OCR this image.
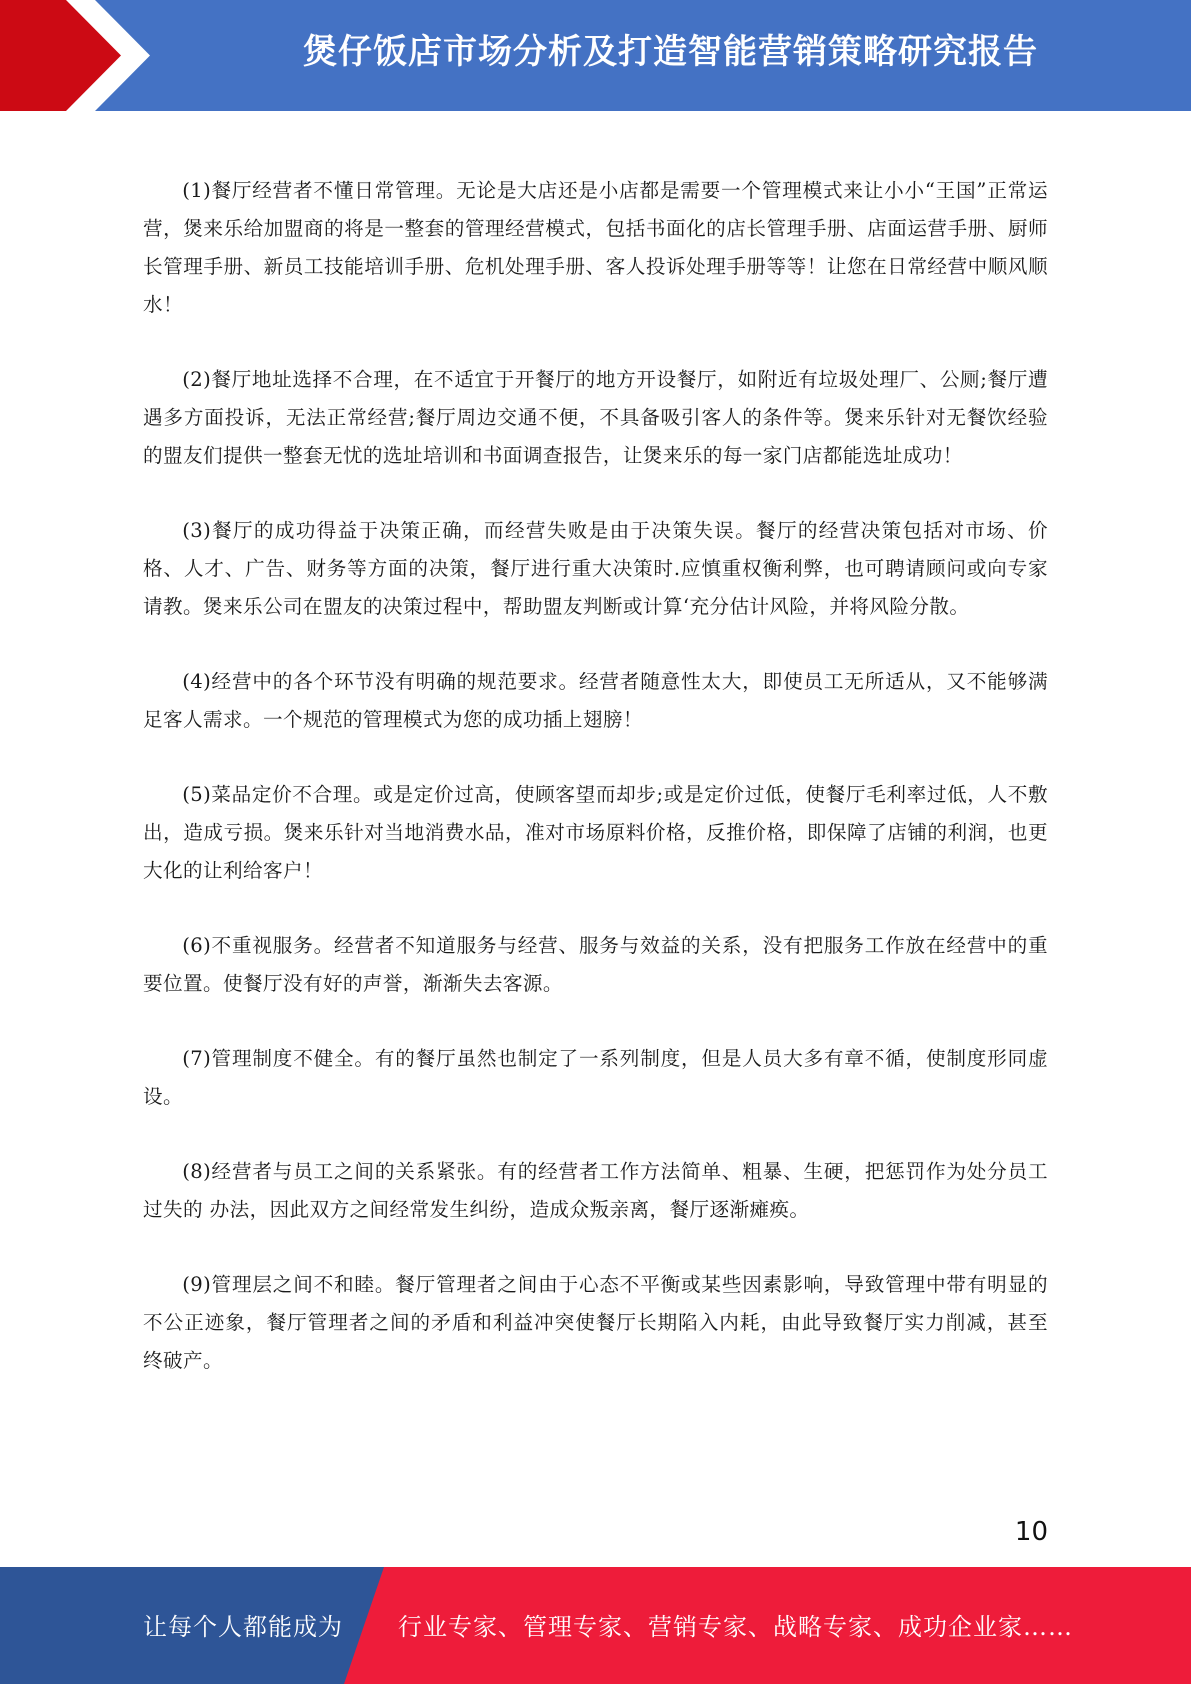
煲仔饭店市场分析及打造智能营销策略研究报告

(1)餐厅经营者不懂日常管理。无论是大店还是小店都是需要一个管理模式来让小小“王国”正常运营，煲来乐给加盟商的将是一整套的管理经营模式，包括书面化的店长管理手册、店面运营手册、厨师长管理手册、新员工技能培训手册、危机处理手册、客人投诉处理手册等等！让您在日常经营中顺风顺水！

(2)餐厅地址选择不合理，在不适宜于开餐厅的地方开设餐厅，如附近有垃圾处理厂、公厕;餐厅遭遇多方面投诉，无法正常经营;餐厅周边交通不便，不具备吸引客人的条件等。煲来乐针对无餐饮经验的盟友们提供一整套无忧的选址培训和书面调查报告，让煲来乐的每一家门店都能选址成功！

(3)餐厅的成功得益于决策正确，而经营失败是由于决策失误。餐厅的经营决策包括对市场、价格、人才、广告、财务等方面的决策，餐厅进行重大决策时.应慎重权衡利弊，也可聘请顾问或向专家请教。煲来乐公司在盟友的决策过程中，帮助盟友判断或计算‘充分估计风险，并将风险分散。

(4)经营中的各个环节没有明确的规范要求。经营者随意性太大，即使员工无所适从，又不能够满足客人需求。一个规范的管理模式为您的成功插上翅膀！

(5)菜品定价不合理。或是定价过高，使顾客望而却步;或是定价过低，使餐厅毛利率过低，人不敷出，造成亏损。煲来乐针对当地消费水品，准对市场原料价格，反推价格，即保障了店铺的利润，也更大化的让利给客户！

(6)不重视服务。经营者不知道服务与经营、服务与效益的关系，没有把服务工作放在经营中的重要位置。使餐厅没有好的声誉，渐渐失去客源。

(7)管理制度不健全。有的餐厅虽然也制定了一系列制度，但是人员大多有章不循，使制度形同虚设。

(8)经营者与员工之间的关系紧张。有的经营者工作方法简单、粗暴、生硬，把惩罚作为处分员工过失的 办法，因此双方之间经常发生纠纷，造成众叛亲离，餐厅逐渐瘫痪。

(9)管理层之间不和睦。餐厅管理者之间由于心态不平衡或某些因素影响，导致管理中带有明显的不公正迹象，餐厅管理者之间的矛盾和利益冲突使餐厅长期陷入内耗，由此导致餐厅实力削减，甚至 终破产。

10
让每个人都能成为 行业专家、管理专家、营销专家、战略专家、成功企业家……
